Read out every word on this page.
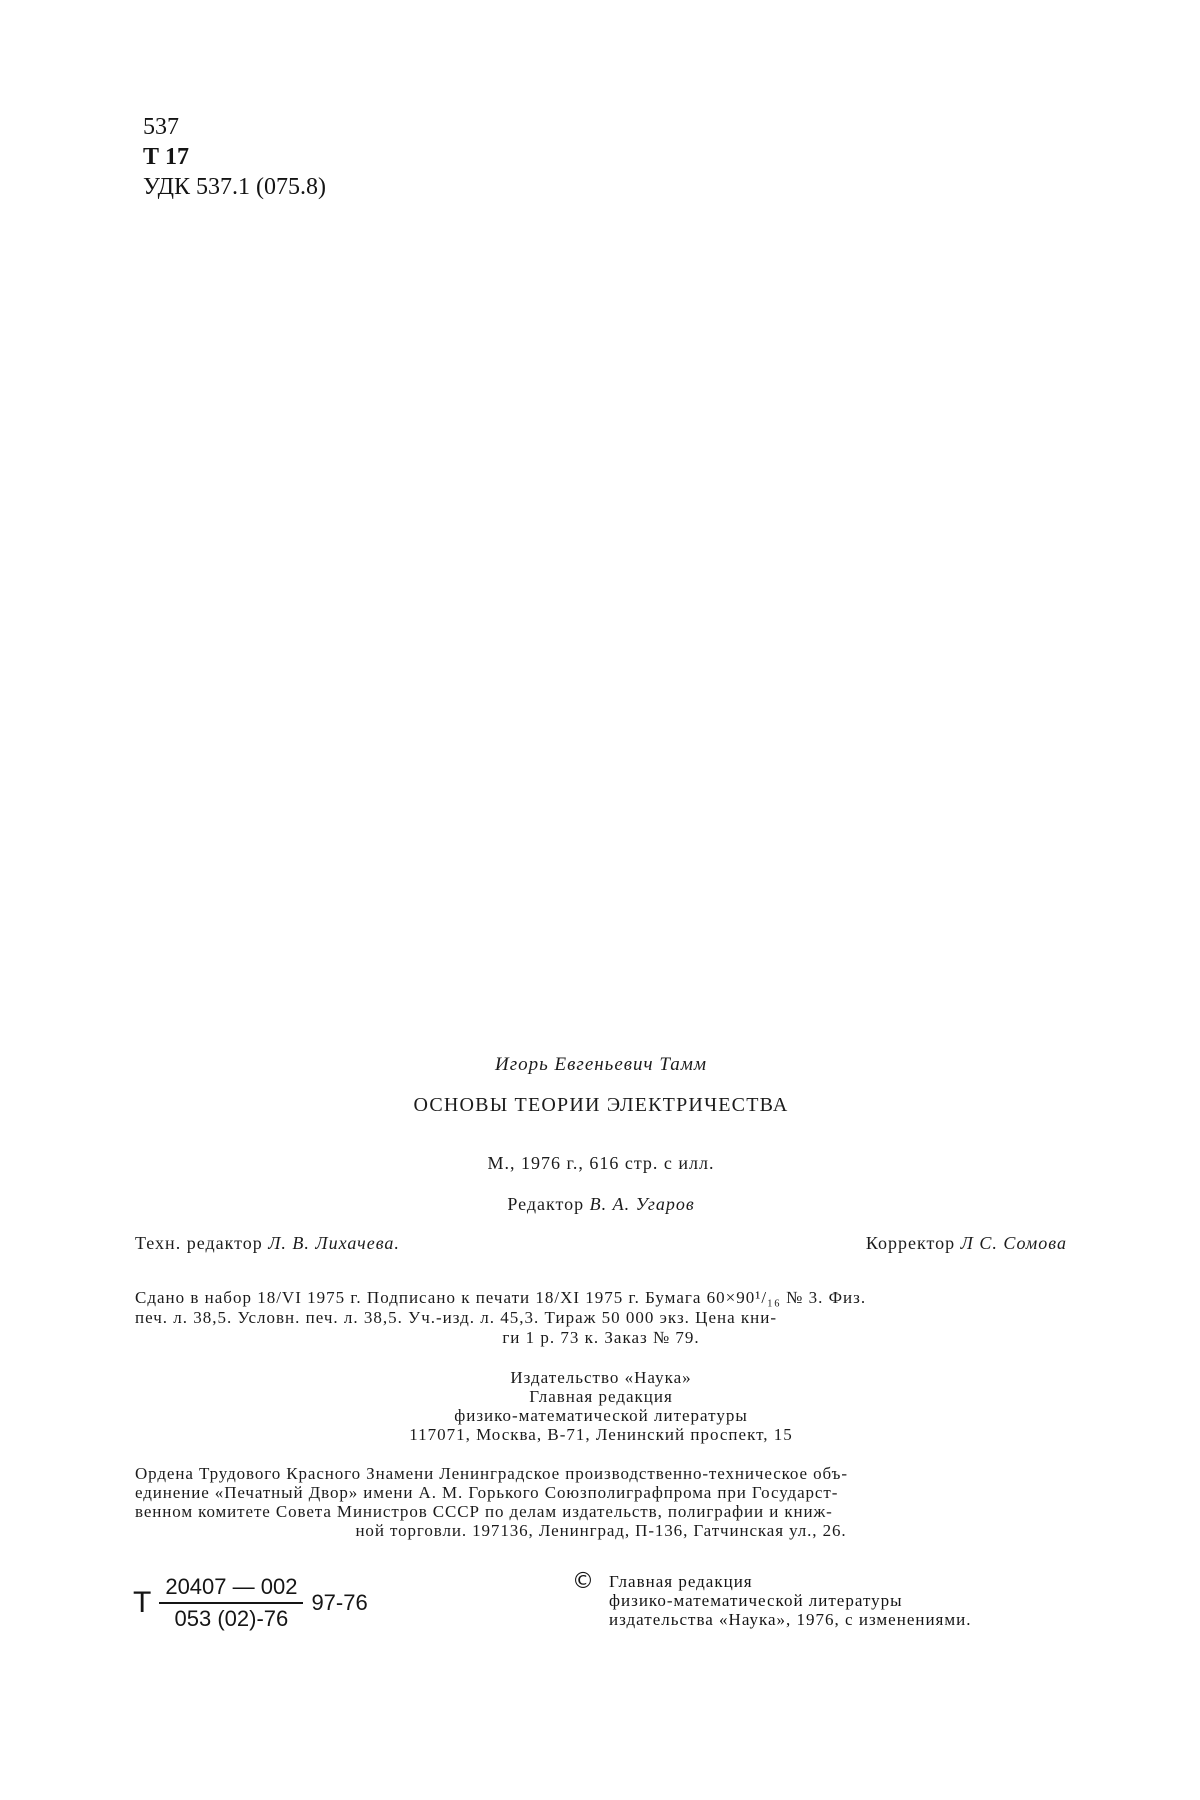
537
Т 17
УДК 537.1 (075.8)
Игорь Евгеньевич Тамм
ОСНОВЫ ТЕОРИИ ЭЛЕКТРИЧЕСТВА
М., 1976 г., 616 стр. с илл.
Редактор В. А. Угаров
Техн. редактор Л. В. Лихачева.	Корректор Л С. Сомова
Сдано в набор 18/VI 1975 г. Подписано к печати 18/XI 1975 г. Бумага 60×90¹/₁₆ № 3. Физ.
печ. л. 38,5. Условн. печ. л. 38,5. Уч.-изд. л. 45,3. Тираж 50 000 экз. Цена кни-
ги 1 р. 73 к. Заказ № 79.
Издательство «Наука»
Главная редакция
физико-математической литературы
117071, Москва, В-71, Ленинский проспект, 15
Ордена Трудового Красного Знамени Ленинградское производственно-техническое объ-
единение «Печатный Двор» имени А. М. Горького Союзполиграфпрома при Государст-
венном комитете Совета Министров СССР по делам издательств, полиграфии и книж-
ной торговли. 197136, Ленинград, П-136, Гатчинская ул., 26.
Т $\frac{20407 — 002}{053 (02)-76} 97-76$
© Главная редакция
физико-математической литературы
издательства «Наука», 1976, с изменениями.
